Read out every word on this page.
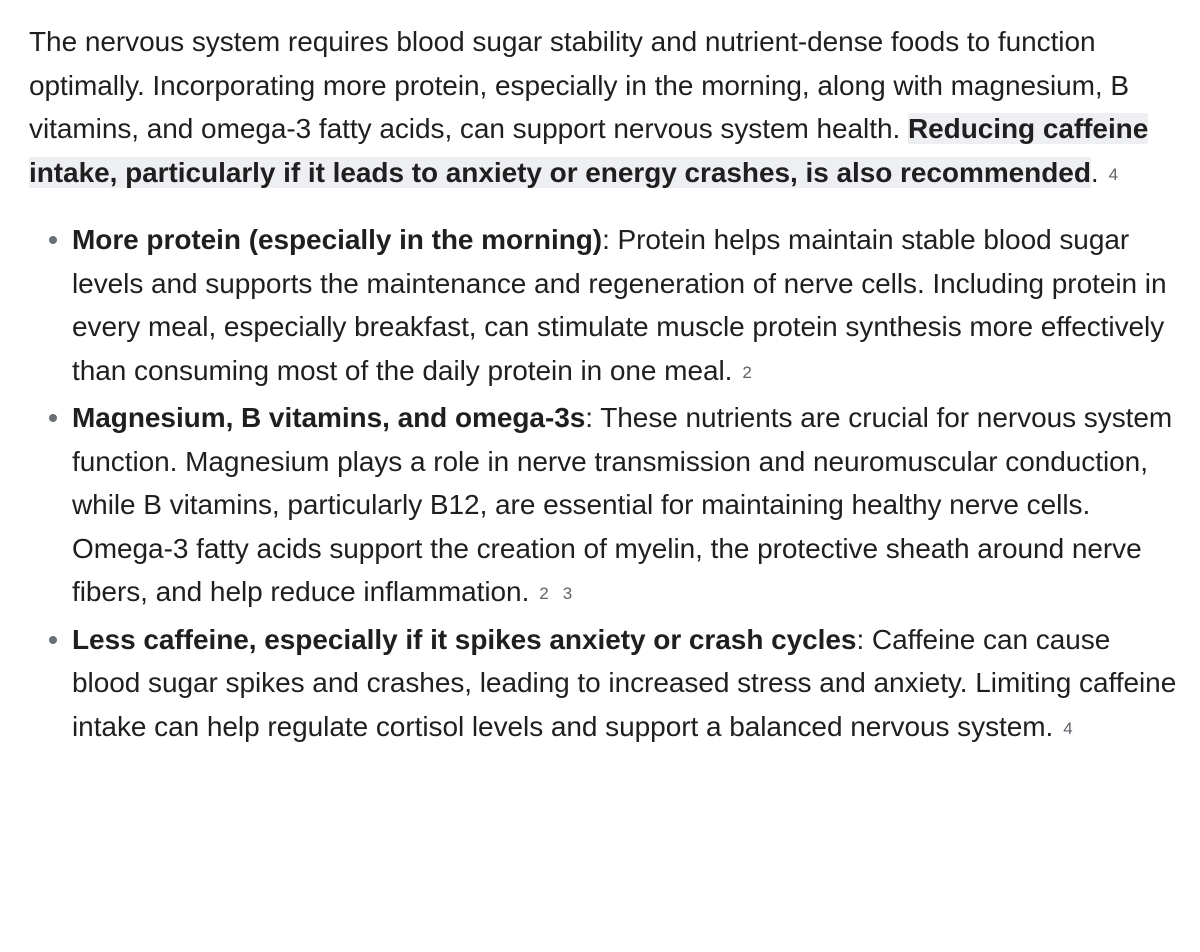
The nervous system requires blood sugar stability and nutrient-dense foods to function optimally. Incorporating more protein, especially in the morning, along with magnesium, B vitamins, and omega-3 fatty acids, can support nervous system health. Reducing caffeine intake, particularly if it leads to anxiety or energy crashes, is also recommended. 4

More protein (especially in the morning): Protein helps maintain stable blood sugar levels and supports the maintenance and regeneration of nerve cells. Including protein in every meal, especially breakfast, can stimulate muscle protein synthesis more effectively than consuming most of the daily protein in one meal. 2
Magnesium, B vitamins, and omega-3s: These nutrients are crucial for nervous system function. Magnesium plays a role in nerve transmission and neuromuscular conduction, while B vitamins, particularly B12, are essential for maintaining healthy nerve cells. Omega-3 fatty acids support the creation of myelin, the protective sheath around nerve fibers, and help reduce inflammation. 2 3
Less caffeine, especially if it spikes anxiety or crash cycles: Caffeine can cause blood sugar spikes and crashes, leading to increased stress and anxiety. Limiting caffeine intake can help regulate cortisol levels and support a balanced nervous system. 4
